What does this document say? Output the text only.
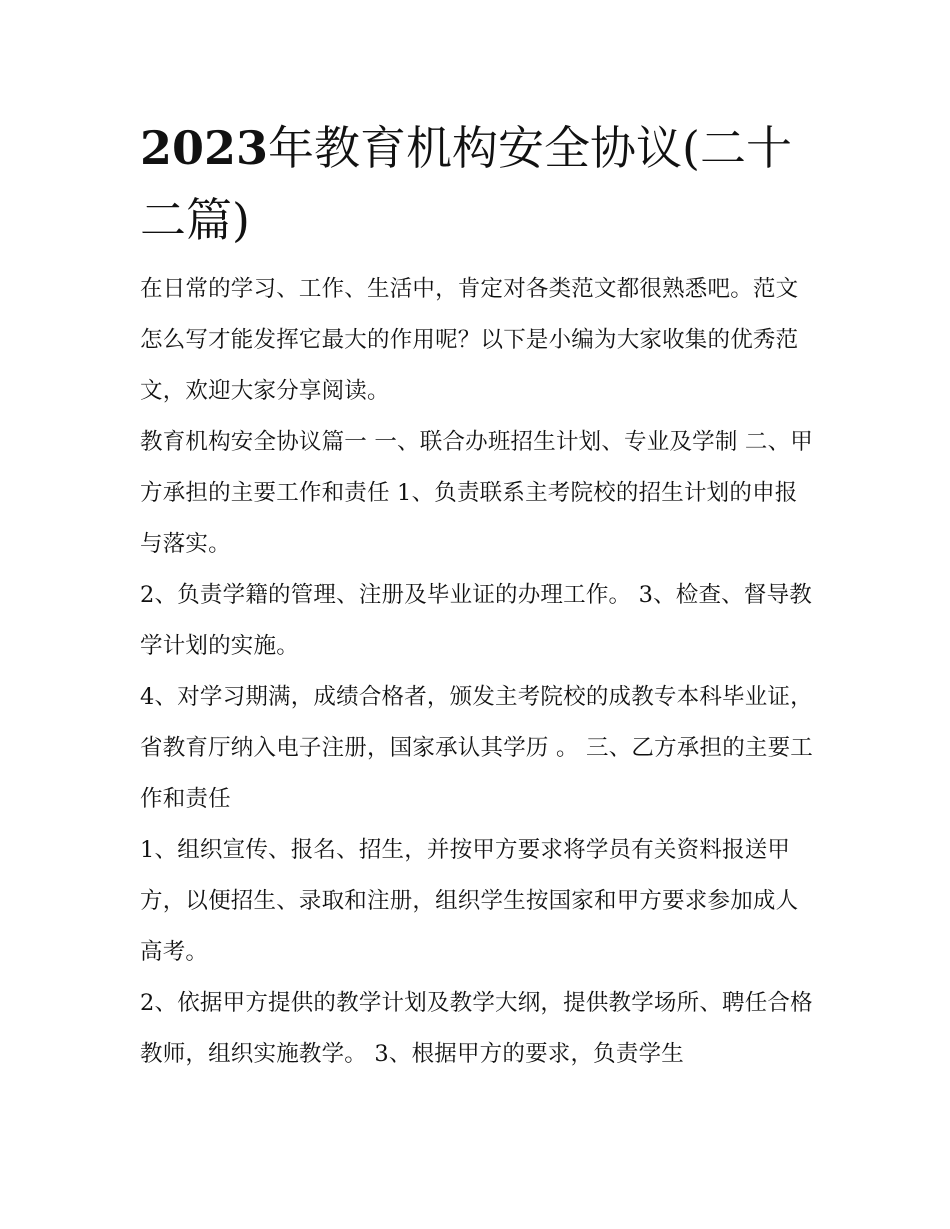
2023年教育机构安全协议(二十二篇)

在日常的学习、工作、生活中，肯定对各类范文都很熟悉吧。范文怎么写才能发挥它最大的作用呢？以下是小编为大家收集的优秀范文，欢迎大家分享阅读。

教育机构安全协议篇一 一、联合办班招生计划、专业及学制 二、甲方承担的主要工作和责任 1、负责联系主考院校的招生计划的申报与落实。

2、负责学籍的管理、注册及毕业证的办理工作。 3、检查、督导教学计划的实施。

4、对学习期满，成绩合格者，颁发主考院校的成教专本科毕业证，省教育厅纳入电子注册，国家承认其学历 。 三、乙方承担的主要工作和责任

1、组织宣传、报名、招生，并按甲方要求将学员有关资料报送甲方，以便招生、录取和注册，组织学生按国家和甲方要求参加成人高考。

2、依据甲方提供的教学计划及教学大纲，提供教学场所、聘任合格教师，组织实施教学。 3、根据甲方的要求，负责学生
